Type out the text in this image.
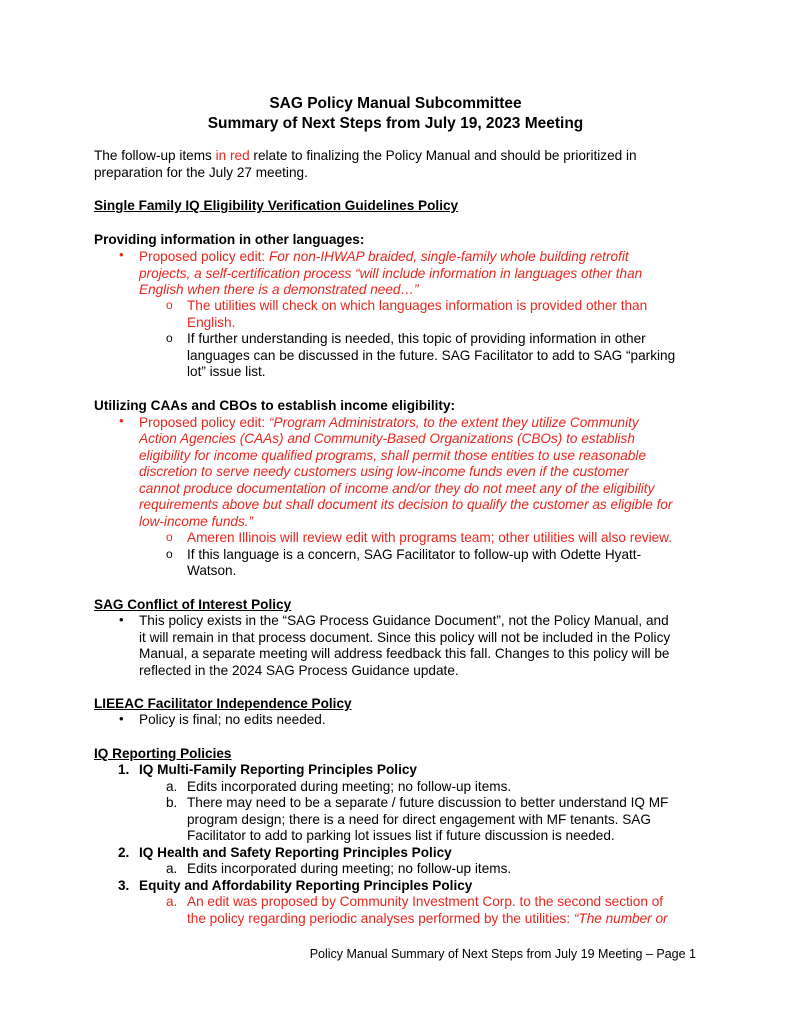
SAG Policy Manual Subcommittee
Summary of Next Steps from July 19, 2023 Meeting
The follow-up items in red relate to finalizing the Policy Manual and should be prioritized in
preparation for the July 27 meeting.
Single Family IQ Eligibility Verification Guidelines Policy
Providing information in other languages:
• Proposed policy edit: For non-IHWAP braided, single-family whole building retrofit
projects, a self-certification process “will include information in languages other than
English when there is a demonstrated need…”
o The utilities will check on which languages information is provided other than
English.
o If further understanding is needed, this topic of providing information in other
languages can be discussed in the future. SAG Facilitator to add to SAG “parking
lot” issue list.
Utilizing CAAs and CBOs to establish income eligibility:
• Proposed policy edit: “Program Administrators, to the extent they utilize Community
Action Agencies (CAAs) and Community-Based Organizations (CBOs) to establish
eligibility for income qualified programs, shall permit those entities to use reasonable
discretion to serve needy customers using low-income funds even if the customer
cannot produce documentation of income and/or they do not meet any of the eligibility
requirements above but shall document its decision to qualify the customer as eligible for
low-income funds.”
o Ameren Illinois will review edit with programs team; other utilities will also review.
o If this language is a concern, SAG Facilitator to follow-up with Odette Hyatt-
Watson.
SAG Conflict of Interest Policy
• This policy exists in the “SAG Process Guidance Document”, not the Policy Manual, and
it will remain in that process document. Since this policy will not be included in the Policy
Manual, a separate meeting will address feedback this fall. Changes to this policy will be
reflected in the 2024 SAG Process Guidance update.
LIEEAC Facilitator Independence Policy
• Policy is final; no edits needed.
IQ Reporting Policies
1. IQ Multi-Family Reporting Principles Policy
a. Edits incorporated during meeting; no follow-up items.
b. There may need to be a separate / future discussion to better understand IQ MF
program design; there is a need for direct engagement with MF tenants. SAG
Facilitator to add to parking lot issues list if future discussion is needed.
2. IQ Health and Safety Reporting Principles Policy
a. Edits incorporated during meeting; no follow-up items.
3. Equity and Affordability Reporting Principles Policy
a. An edit was proposed by Community Investment Corp. to the second section of
the policy regarding periodic analyses performed by the utilities: “The number or
Policy Manual Summary of Next Steps from July 19 Meeting – Page 1
